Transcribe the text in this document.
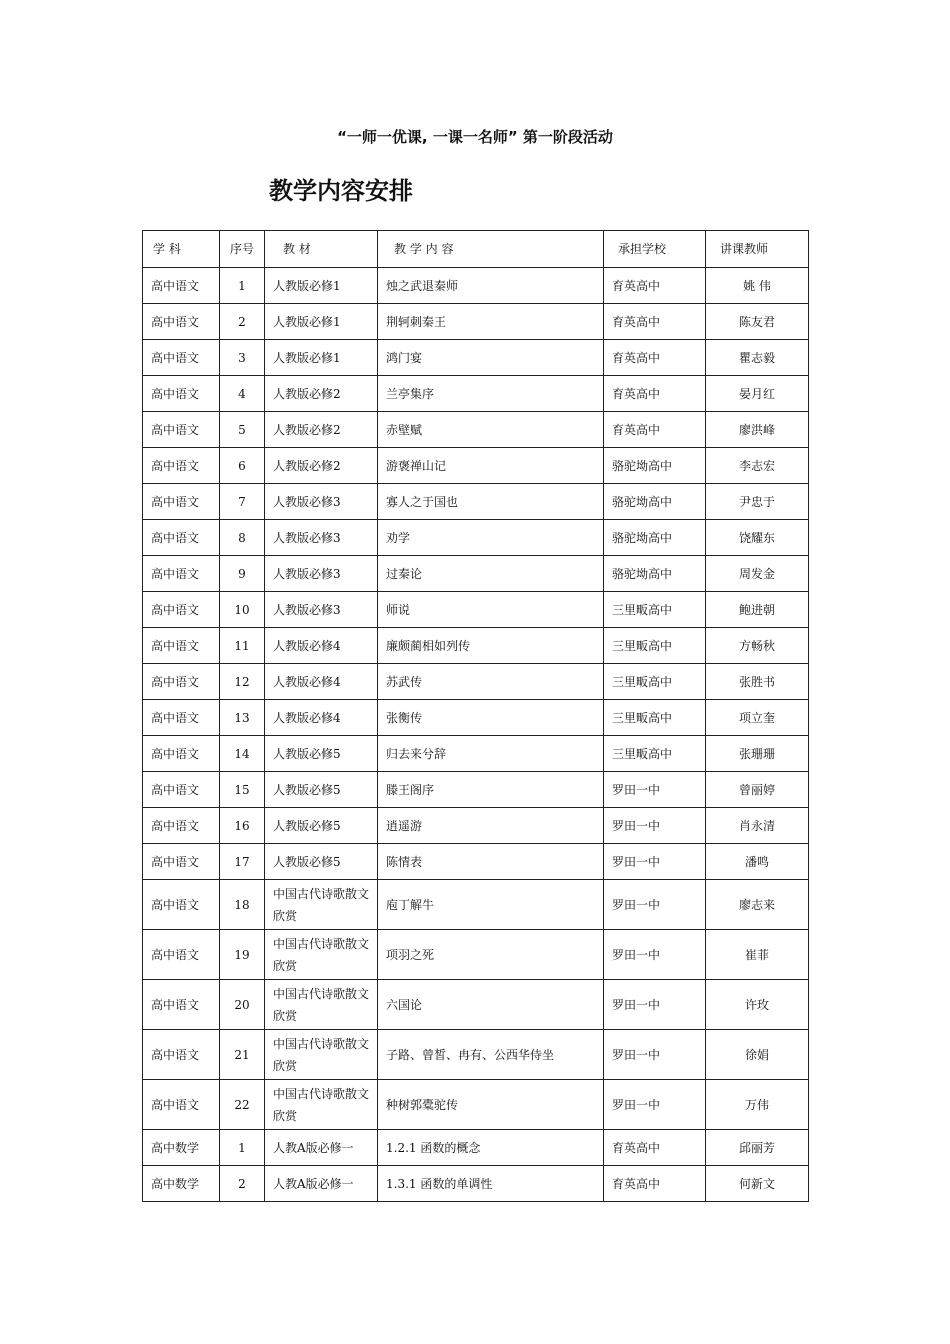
“一师一优课, 一课一名师” 第一阶段活动
教学内容安排
学 科	序号	教 材	教 学 内 容	承担学校	讲课教师
高中语文	1	人教版必修1	烛之武退秦师	育英高中	姚 伟
高中语文	2	人教版必修1	荆轲刺秦王	育英高中	陈友君
高中语文	3	人教版必修1	鸿门宴	育英高中	瞿志毅
高中语文	4	人教版必修2	兰亭集序	育英高中	晏月红
高中语文	5	人教版必修2	赤壁赋	育英高中	廖洪峰
高中语文	6	人教版必修2	游褒禅山记	骆驼坳高中	李志宏
高中语文	7	人教版必修3	寡人之于国也	骆驼坳高中	尹忠于
高中语文	8	人教版必修3	劝学	骆驼坳高中	饶耀东
高中语文	9	人教版必修3	过秦论	骆驼坳高中	周发金
高中语文	10	人教版必修3	师说	三里畈高中	鲍进朝
高中语文	11	人教版必修4	廉颇蔺相如列传	三里畈高中	方畅秋
高中语文	12	人教版必修4	苏武传	三里畈高中	张胜书
高中语文	13	人教版必修4	张衡传	三里畈高中	项立奎
高中语文	14	人教版必修5	归去来兮辞	三里畈高中	张珊珊
高中语文	15	人教版必修5	滕王阁序	罗田一中	曾丽婷
高中语文	16	人教版必修5	逍遥游	罗田一中	肖永清
高中语文	17	人教版必修5	陈情表	罗田一中	潘鸣
高中语文	18	中国古代诗歌散文欣赏	庖丁解牛	罗田一中	廖志来
高中语文	19	中国古代诗歌散文欣赏	项羽之死	罗田一中	崔菲
高中语文	20	中国古代诗歌散文欣赏	六国论	罗田一中	许玫
高中语文	21	中国古代诗歌散文欣赏	子路、曾皙、冉有、公西华侍坐	罗田一中	徐娟
高中语文	22	中国古代诗歌散文欣赏	种树郭橐驼传	罗田一中	万伟
高中数学	1	人教A版必修一	1.2.1 函数的概念	育英高中	邱丽芳
高中数学	2	人教A版必修一	1.3.1 函数的单调性	育英高中	何新文
